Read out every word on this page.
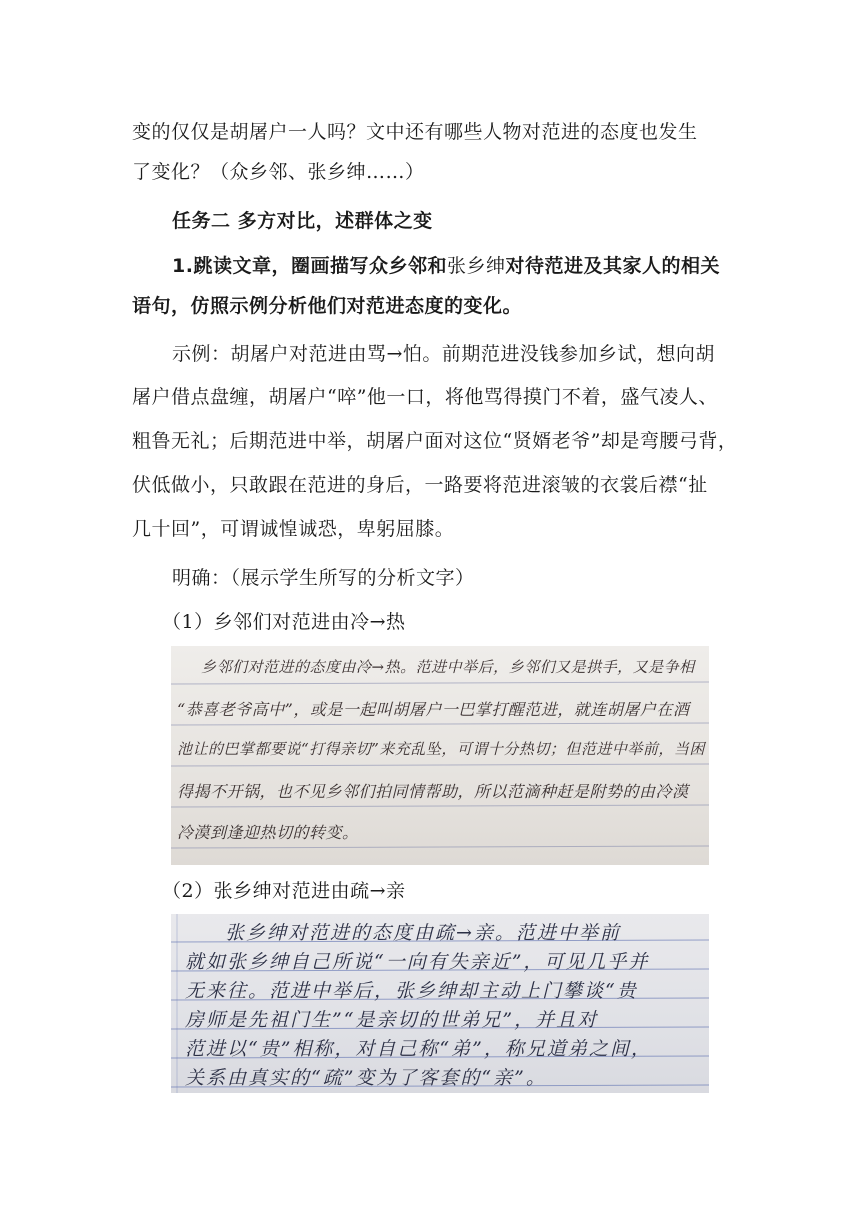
变的仅仅是胡屠户一人吗？文中还有哪些人物对范进的态度也发生
了变化？（众乡邻、张乡绅……）
任务二 多方对比，述群体之变
1.跳读文章，圈画描写众乡邻和张乡绅对待范进及其家人的相关
语句，仿照示例分析他们对范进态度的变化。
示例：胡屠户对范进由骂→怕。前期范进没钱参加乡试，想向胡
屠户借点盘缠，胡屠户“啐”他一口，将他骂得摸门不着，盛气凌人、
粗鲁无礼；后期范进中举，胡屠户面对这位“贤婿老爷”却是弯腰弓背，
伏低做小，只敢跟在范进的身后，一路要将范进滚皱的衣裳后襟“扯
几十回”，可谓诚惶诚恐，卑躬屈膝。
明确：（展示学生所写的分析文字）
（1）乡邻们对范进由冷→热
乡邻们对范进的态度由冷→热。范进中举后，乡邻们又是拱手，又是争相
“恭喜老爷高中”，或是一起叫胡屠户一巴掌打醒范进，就连胡屠户在酒
池让的巴掌都要说“打得亲切”来充乱坠，可谓十分热切；但范进中举前，当困
得揭不开锅，也不见乡邻们拍同情帮助，所以范滴种赶是附势的由冷漠
冷漠到逢迎热切的转变。
（2）张乡绅对范进由疏→亲
张乡绅对范进的态度由疏→亲。范进中举前
就如张乡绅自己所说“一向有失亲近”，可见几乎并
无来往。范进中举后，张乡绅却主动上门攀谈“贵
房师是先祖门生”“是亲切的世弟兄”，并且对
范进以“贵”相称，对自己称“弟”，称兄道弟之间，
关系由真实的“疏”变为了客套的“亲”。
